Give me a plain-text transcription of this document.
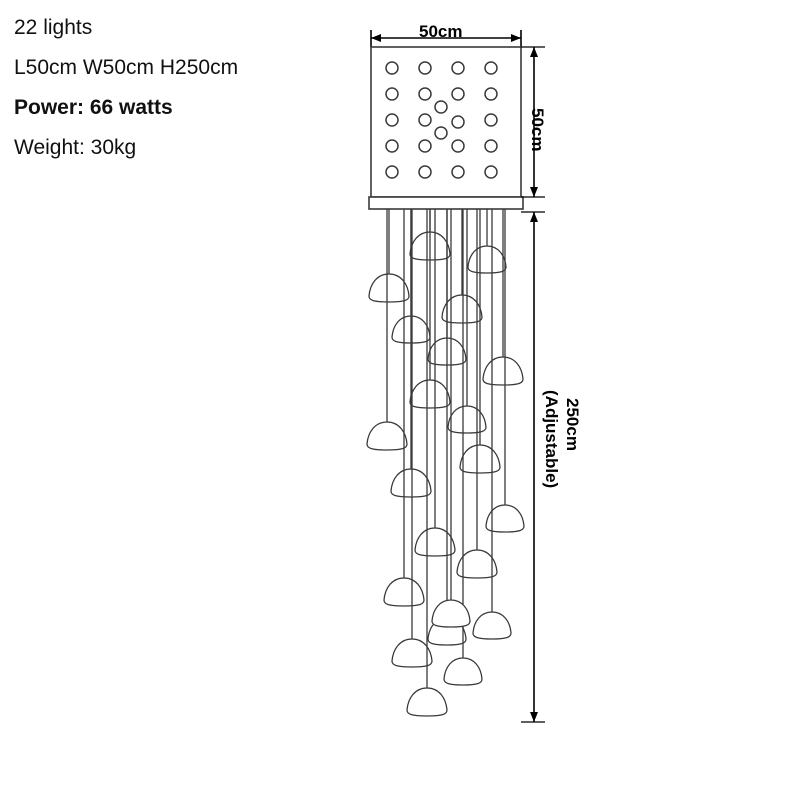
22 lights
L50cm W50cm H250cm
Power: 66 watts
Weight: 30kg
50cm
50cm
250cm
(Adjustable)
